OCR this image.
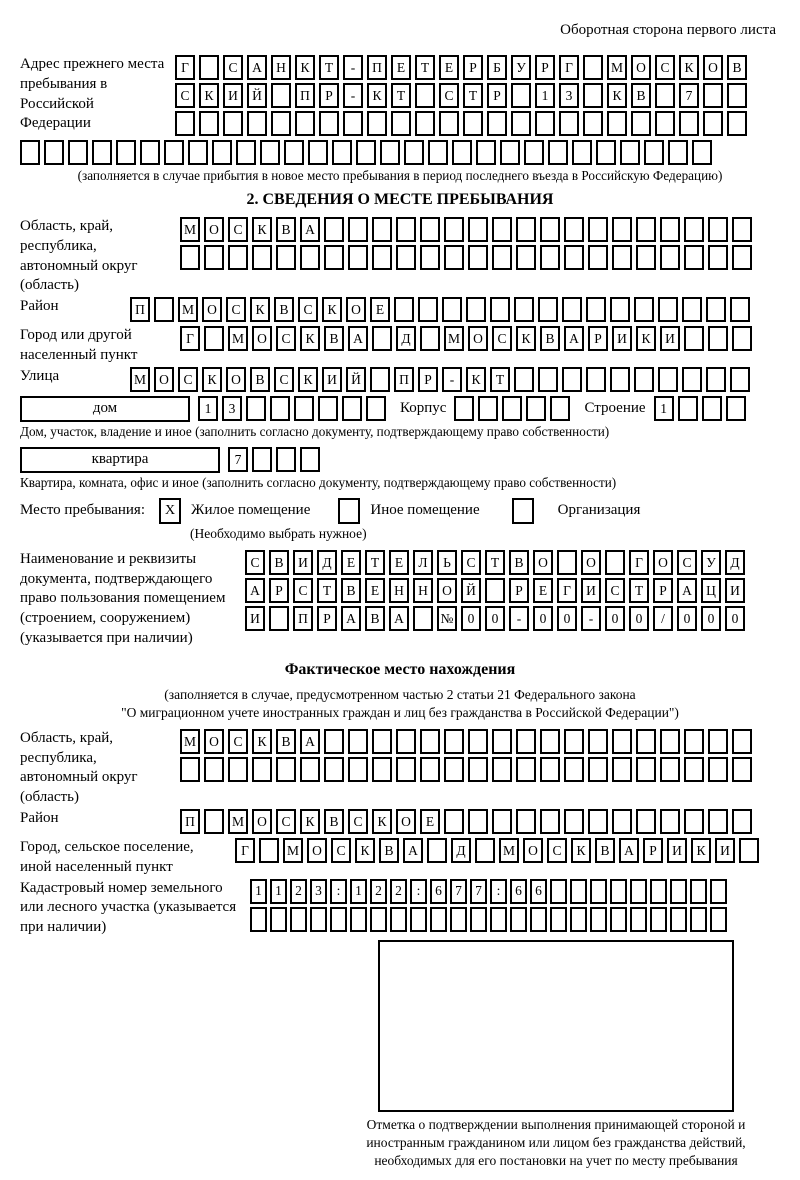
Оборотная сторона первого листа
Адрес прежнего места пребывания в Российской Федерации
Г	С	А	Н	К	Т	-	П	Е	Т	Е	Р	Б	У	Р	Г	М О	С	К	О	В
С	К	И	Й	П	Р	-	К	Т	С	Т	Р	1	3	К	В	7
(заполняется в случае прибытия в новое место пребывания в период последнего въезда в Российскую Федерацию)
2. СВЕДЕНИЯ О МЕСТЕ ПРЕБЫВАНИЯ
Область, край, республика, автономный округ (область)
М О	С	К	В	А
Район	П	М О	С	К	В	С	К	О	Е
Город или другой населенный пункт
Г	М О	С	К	В	А	Д	М О	С	К	В	А	Р	И	К	И
Улица	М О	С	К	О	В	С	К	И	Й	П	Р	-	К	Т
дом	1	3	Корпус	Строение	1
Дом, участок, владение и иное (заполнить согласно документу, подтверждающему право собственности)
квартира	7
Квартира, комната, офис и иное (заполнить согласно документу, подтверждающему право собственности)
Место пребывания:	X	Жилое помещение	Иное помещение	Организация
(Необходимо выбрать нужное)
Наименование и реквизиты документа, подтверждающего право пользования помещением (строением, сооружением) (указывается при наличии)
С	В	И	Д	Е	Т	Е	Л	Ь	С	Т	В	О	О	Г	О	С	У	Д
А	Р	С	Т	В	Е	Н	Н	О	Й	Р	Е	Г	И	С	Т	Р	А	Ц	И
И	П	Р	А	В	А	№	0	0	-	0	0	-	0	0	/	0	0	0
Фактическое место нахождения
(заполняется в случае, предусмотренном частью 2 статьи 21 Федерального закона
"О миграционном учете иностранных граждан и лиц без гражданства в Российской Федерации")
Область, край, республика, автономный округ (область)
М О	С	К	В	А
Район	П	М О	С	К	В	С	К	О	Е
Город, сельское поселение, иной населенный пункт
Г	М О	С	К	В	А	Д	М О	С	К	В	А	Р	И	К	И
Кадастровый номер земельного или лесного участка (указывается при наличии)
1 1 2 3	:	1 2 2	:	6 7 7	:	6 6
Отметка о подтверждении выполнения принимающей стороной и иностранным гражданином или лицом без гражданства действий, необходимых для его постановки на учет по месту пребывания
